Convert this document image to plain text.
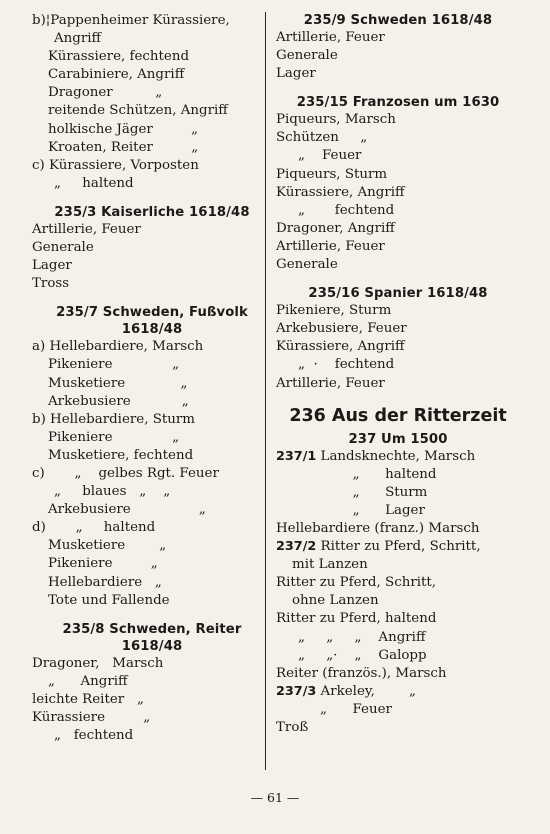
b)¦Pappenheimer Kürassiere,
Angriff
Kürassiere, fechtend
Carabiniere, Angriff
Dragoner          „
reitende Schützen, Angriff
holkische Jäger         „
Kroaten, Reiter         „
c) Kürassiere, Vorposten
„     haltend
235/3 Kaiserliche 1618/48
Artillerie, Feuer
Generale
Lager
Tross
235/7 Schweden, Fußvolk
1618/48
a) Hellebardiere, Marsch
Pikeniere              „
Musketiere             „
Arkebusiere            „
b) Hellebardiere, Sturm
Pikeniere              „
Musketiere, fechtend
c)       „    gelbes Rgt. Feuer
„     blaues   „    „
Arkebusiere                „
d)       „     haltend
Musketiere        „
Pikeniere         „
Hellebardiere   „
Tote und Fallende
235/8 Schweden, Reiter
1618/48
Dragoner,   Marsch
„      Angriff
leichte Reiter   „
Kürassiere         „
„   fechtend
235/9 Schweden 1618/48
Artillerie, Feuer
Generale
Lager
235/15 Franzosen um 1630
Piqueurs, Marsch
Schützen     „
„    Feuer
Piqueurs, Sturm
Kürassiere, Angriff
„       fechtend
Dragoner, Angriff
Artillerie, Feuer
Generale
235/16 Spanier 1618/48
Pikeniere, Sturm
Arkebusiere, Feuer
Kürassiere, Angriff
„  ·    fechtend
Artillerie, Feuer
236 Aus der Ritterzeit
237 Um 1500
237/1 Landsknechte, Marsch
„      haltend
„      Sturm
„      Lager
Hellebardiere (franz.) Marsch
237/2 Ritter zu Pferd, Schritt,
mit Lanzen
Ritter zu Pferd, Schritt,
ohne Lanzen
Ritter zu Pferd, haltend
„     „     „    Angriff
„     „·    „    Galopp
Reiter (französ.), Marsch
237/3 Arkeley,        „
„      Feuer
Troß
— 61 —
